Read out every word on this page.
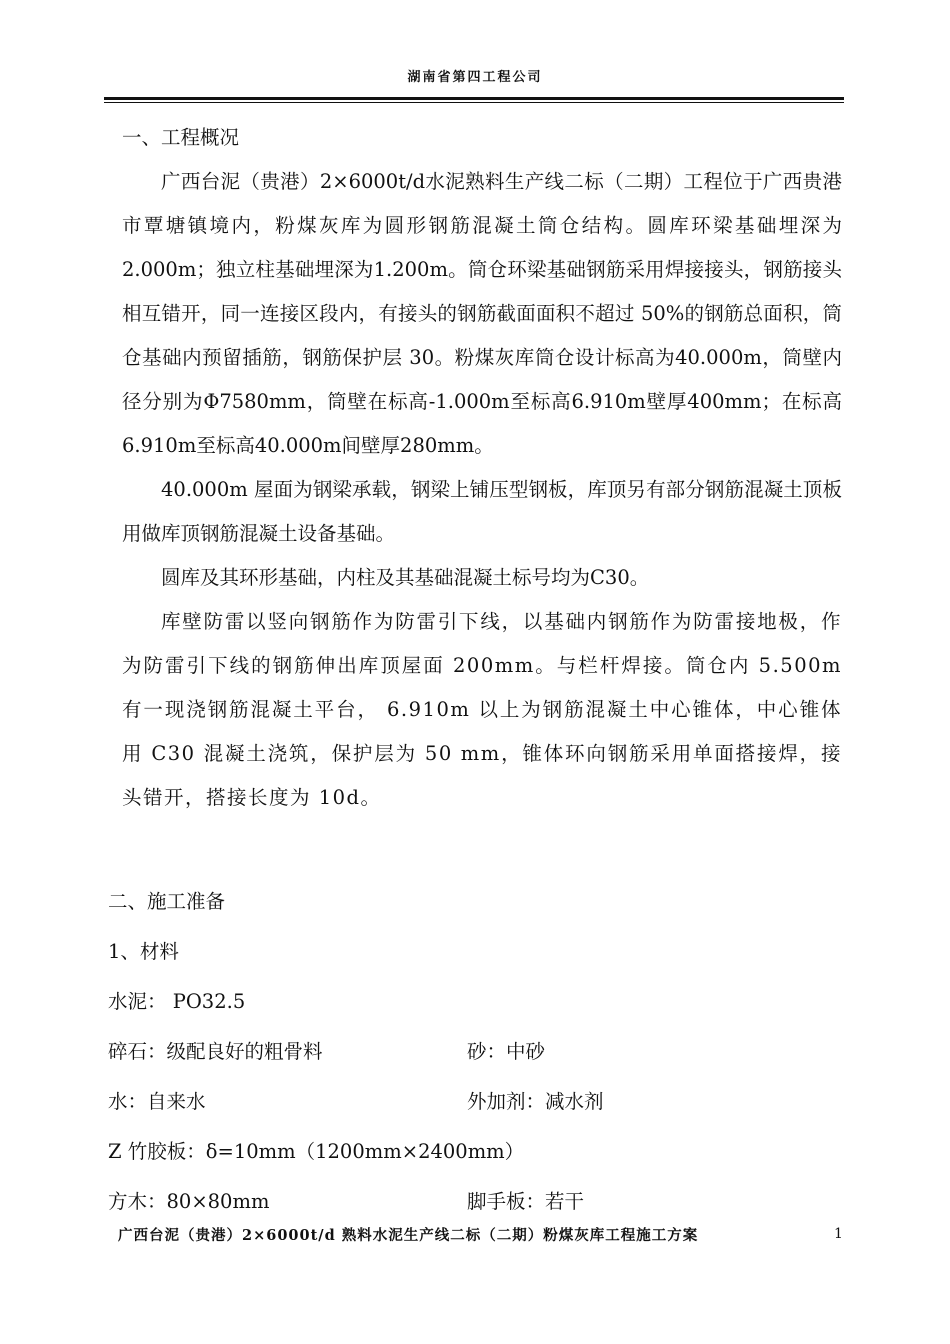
湖南省第四工程公司

一、工程概况

广西台泥（贵港）2×6000t/d水泥熟料生产线二标（二期）工程位于广西贵港市覃塘镇境内，粉煤灰库为圆形钢筋混凝土筒仓结构。圆库环梁基础埋深为2.000m；独立柱基础埋深为1.200m。筒仓环梁基础钢筋采用焊接接头，钢筋接头相互错开，同一连接区段内，有接头的钢筋截面面积不超过 50%的钢筋总面积，筒仓基础内预留插筋，钢筋保护层 30。粉煤灰库筒仓设计标高为40.000m，筒壁内径分别为Φ7580mm，筒壁在标高-1.000m至标高6.910m壁厚400mm；在标高6.910m至标高40.000m间壁厚280mm。

40.000m 屋面为钢梁承载，钢梁上铺压型钢板，库顶另有部分钢筋混凝土顶板用做库顶钢筋混凝土设备基础。

圆库及其环形基础，内柱及其基础混凝土标号均为C30。

库壁防雷以竖向钢筋作为防雷引下线，以基础内钢筋作为防雷接地极，作为防雷引下线的钢筋伸出库顶屋面 200mm。与栏杆焊接。筒仓内 5.500m 有一现浇钢筋混凝土平台， 6.910m 以上为钢筋混凝土中心锥体，中心锥体用 C30 混凝土浇筑，保护层为 50 mm，锥体环向钢筋采用单面搭接焊，接头错开，搭接长度为 10d。

二、施工准备
1、材料
水泥： PO32.5
碎石：级配良好的粗骨料	砂：中砂
水：自来水	外加剂：减水剂
Z 竹胶板：δ=10mm（1200mm×2400mm）
方木：80×80mm	脚手板：若干
广西台泥（贵港）2×6000t/d 熟料水泥生产线二标（二期）粉煤灰库工程施工方案	1
